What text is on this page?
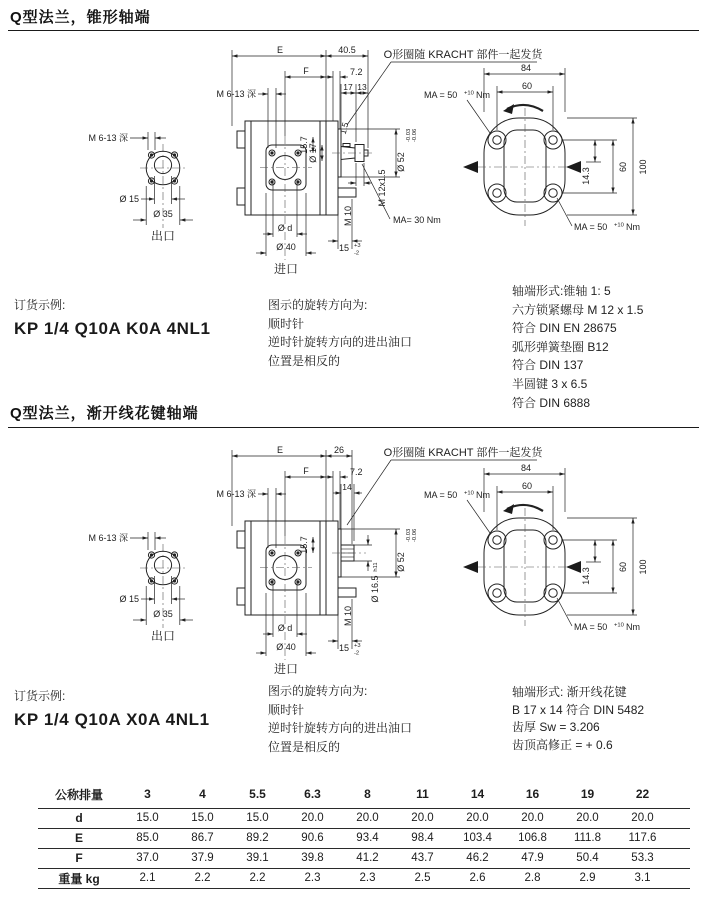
Q型法兰，锥形轴端
M 6-13 深
Ø 15
Ø 35
出口
E	40.5
F	7.2
17 13
M 6-13 深
15.7 Ø 17
1.5
Ø 52
-0.03 -0.06
M 12x1.5
MA= 30 Nm
M 10
15 +3
-2
Ø d
Ø 40
进口
O形圈随 KRACHT 部件一起发货
84
60
MA = 50 +10 Nm
14.3
60 100
MA = 50 +10 Nm
订货示例:
KP 1/4 Q10A K0A 4NL1
图示的旋转方向为:
顺时针
逆时针旋转方向的进出油口
位置是相反的
轴端形式:锥轴 1: 5
六方锁紧螺母 M 12 x 1.5
符合 DIN EN 28675
弧形弹簧垫圈 B12
符合 DIN 137
半圆键 3 x 6.5
符合 DIN 6888
Q型法兰，渐开线花键轴端
M 6-13 深
Ø 15
Ø 35
出口
E	26
F	7.2
14
M 6-13 深
15.7
Ø 52
-0.03 -0.06
h11
Ø 16.5
M 10
15 +3
-2
Ø d
Ø 40
进口
O形圈随 KRACHT 部件一起发货
84
60
MA = 50 +10 Nm
14.3
60 100
MA = 50 +10 Nm
订货示例:
KP 1/4 Q10A X0A 4NL1
图示的旋转方向为:
顺时针
逆时针旋转方向的进出油口
位置是相反的
轴端形式: 渐开线花键
B 17 x 14 符合 DIN 5482
齿厚 Sw = 3.206
齿顶高修正 = + 0.6
公称排量	3	4	5.5	6.3	8	11	14	16	19	22	
d	15.0	15.0	15.0	20.0	20.0	20.0	20.0	20.0	20.0	20.0	
E	85.0	86.7	89.2	90.6	93.4	98.4	103.4	106.8	111.8	117.6	
F	37.0	37.9	39.1	39.8	41.2	43.7	46.2	47.9	50.4	53.3	
重量 kg	2.1	2.2	2.2	2.3	2.3	2.5	2.6	2.8	2.9	3.1	
